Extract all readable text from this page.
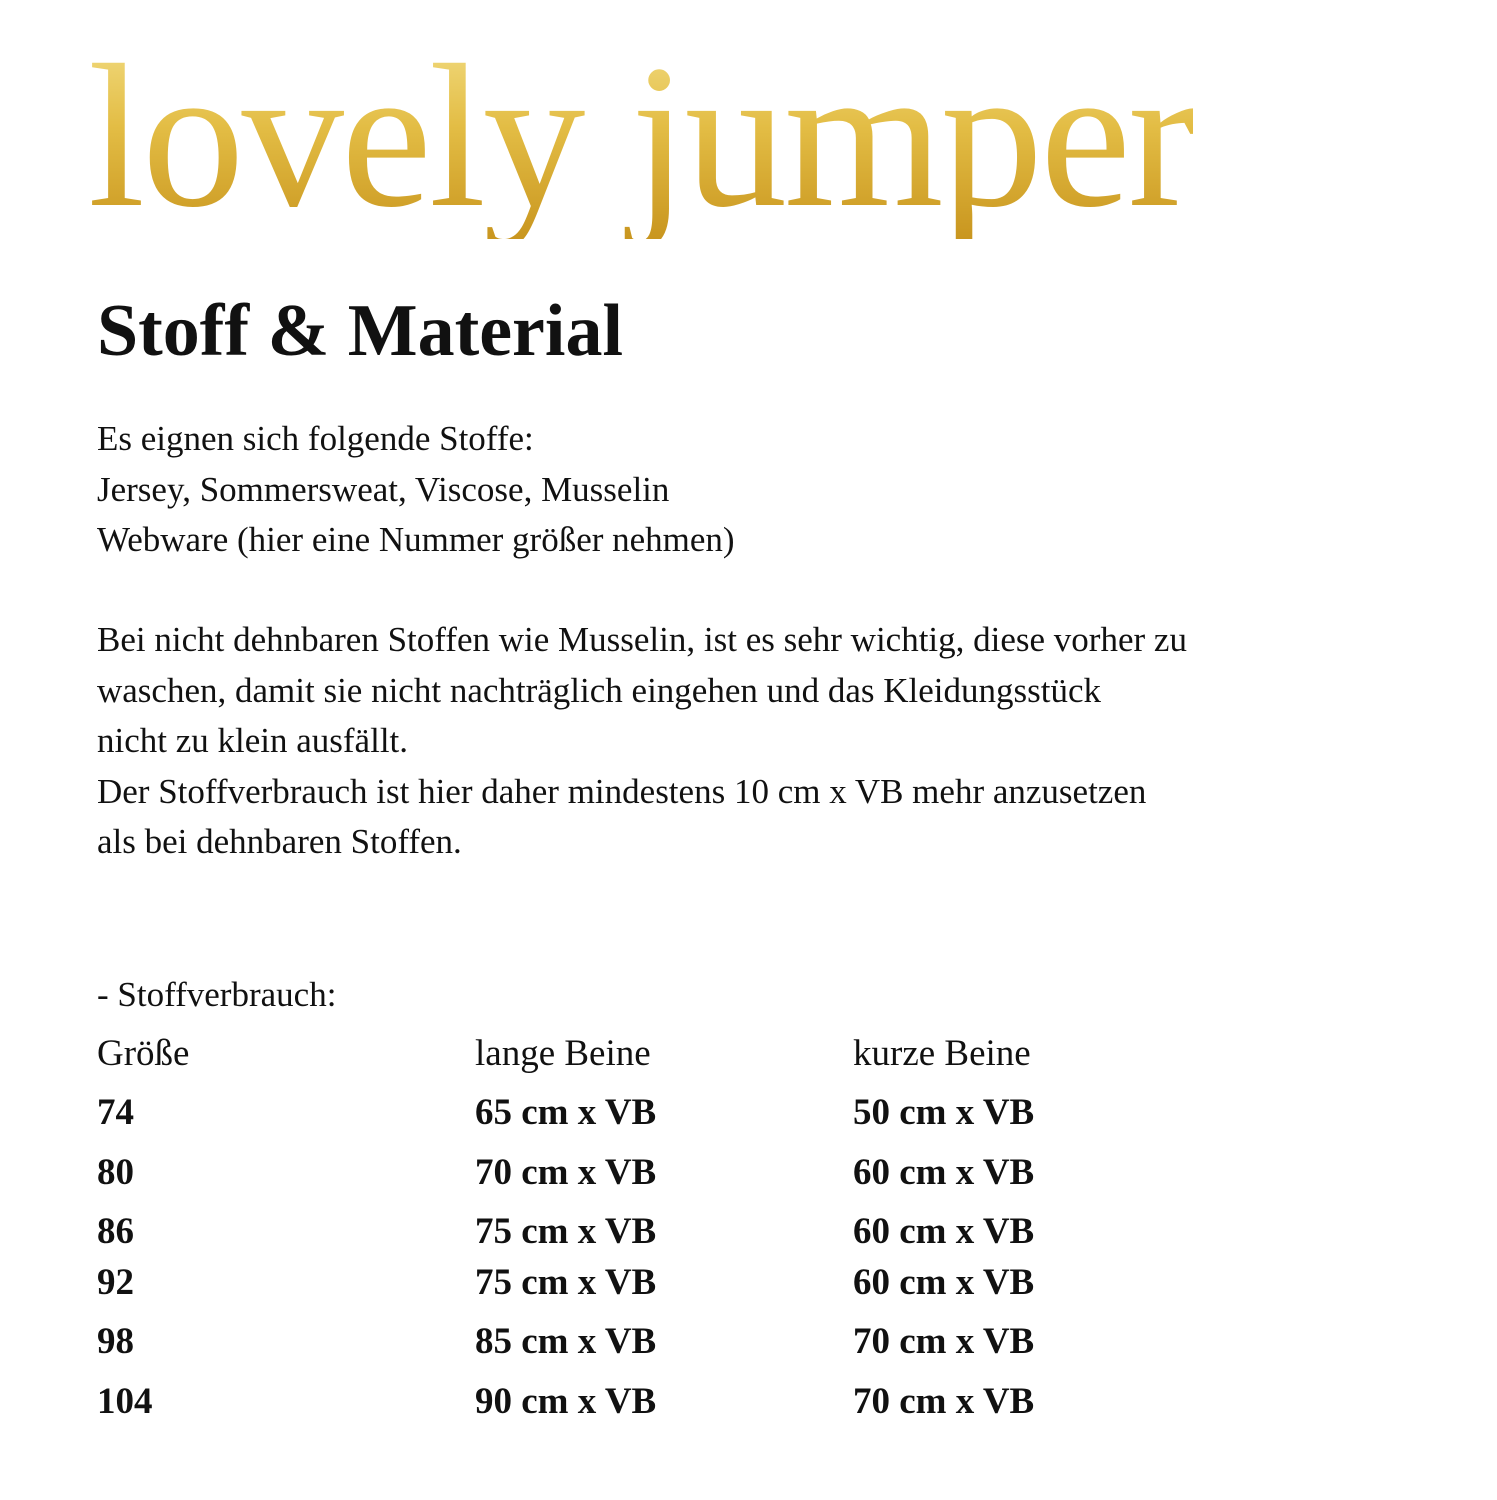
lovely jumper
Stoff & Material
Es eignen sich folgende Stoffe:
Jersey, Sommersweat, Viscose, Musselin
Webware (hier eine Nummer größer nehmen)
Bei nicht dehnbaren Stoffen wie Musselin, ist es sehr wichtig, diese vorher zu
waschen, damit sie nicht nachträglich eingehen und das Kleidungsstück
nicht zu klein ausfällt.
Der Stoffverbrauch ist hier daher mindestens 10 cm x VB mehr anzusetzen
als bei dehnbaren Stoffen.
- Stoffverbrauch:
Größe	lange Beine	kurze Beine
74	65 cm x VB	50 cm x VB
80	70 cm x VB	60 cm x VB
86	75 cm x VB	60 cm x VB
92	75 cm x VB	60 cm x VB
98	85 cm x VB	70 cm x VB
104	90 cm x VB	70 cm x VB
